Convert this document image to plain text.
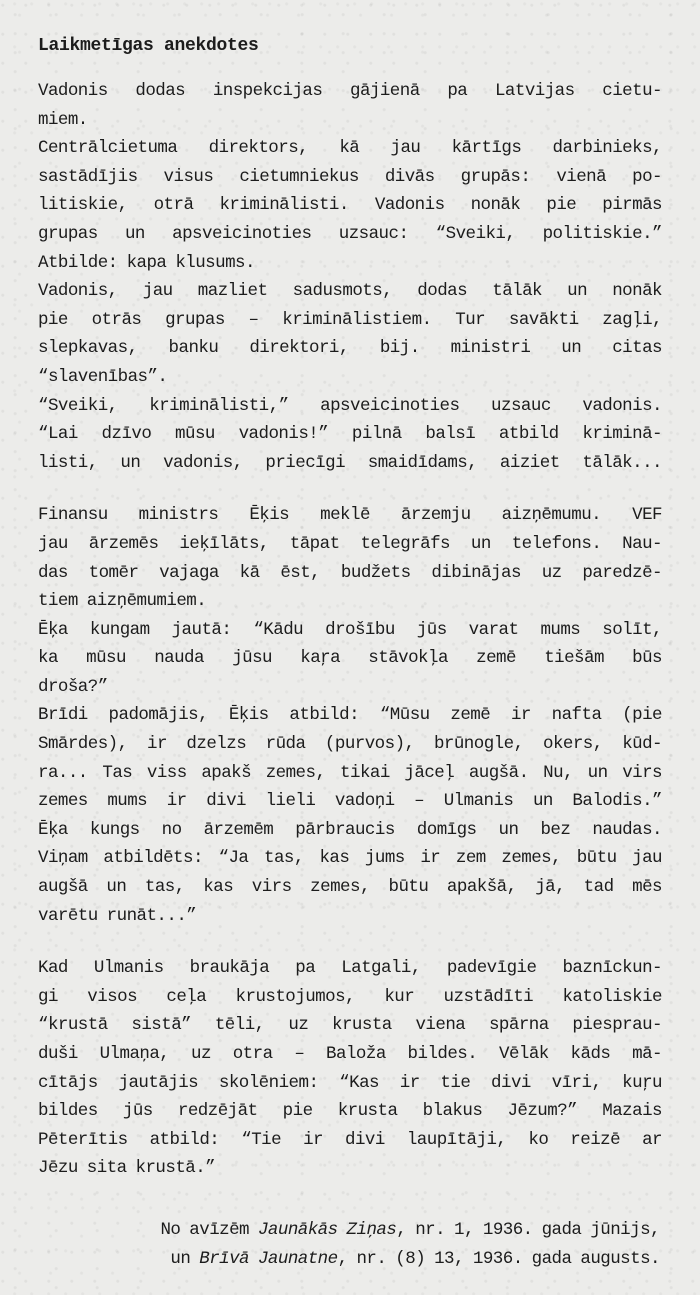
Laikmetīgas anekdotes
Vadonis dodas inspekcijas gājienā pa Latvijas cietu-
miem.
Centrālcietuma direktors, kā jau kārtīgs darbinieks,
sastādījis visus cietumniekus divās grupās: vienā po-
litiskie, otrā kriminālisti. Vadonis nonāk pie pirmās
grupas un apsveicinoties uzsauc: “Sveiki, politiskie.”
Atbilde: kapa klusums.
Vadonis, jau mazliet sadusmots, dodas tālāk un nonāk
pie otrās grupas – kriminālistiem. Tur savākti zagļi,
slepkavas, banku direktori, bij. ministri un citas
“slavenības”.
“Sveiki, kriminālisti,” apsveicinoties uzsauc vadonis.
“Lai dzīvo mūsu vadonis!” pilnā balsī atbild kriminā-
listi, un vadonis, priecīgi smaidīdams, aiziet tālāk...
Finansu ministrs Ēķis meklē ārzemju aizņēmumu. VEF
jau ārzemēs ieķīlāts, tāpat telegrāfs un telefons. Nau-
das tomēr vajaga kā ēst, budžets dibinājas uz paredzē-
tiem aizņēmumiem.
Ēķa kungam jautā: “Kādu drošību jūs varat mums solīt,
ka mūsu nauda jūsu kaŗa stāvokļa zemē tiešām būs
droša?”
Brīdi padomājis, Ēķis atbild: “Mūsu zemē ir nafta (pie
Smārdes), ir dzelzs rūda (purvos), brūnogle, okers, kūd-
ra... Tas viss apakš zemes, tikai jāceļ augšā. Nu, un virs
zemes mums ir divi lieli vadoņi – Ulmanis un Balodis.”
Ēķa kungs no ārzemēm pārbraucis domīgs un bez naudas.
Viņam atbildēts: “Ja tas, kas jums ir zem zemes, būtu jau
augšā un tas, kas virs zemes, būtu apakšā, jā, tad mēs
varētu runāt...”
Kad Ulmanis braukāja pa Latgali, padevīgie baznīckun-
gi visos ceļa krustojumos, kur uzstādīti katoliskie
“krustā sistā” tēli, uz krusta viena spārna piesprau-
duši Ulmaņa, uz otra – Baloža bildes. Vēlāk kāds mā-
cītājs jautājis skolēniem: “Kas ir tie divi vīri, kuŗu
bildes jūs redzējāt pie krusta blakus Jēzum?” Mazais
Pēterītis atbild: “Tie ir divi laupītāji, ko reizē ar
Jēzu sita krustā.”
No avīzēm Jaunākās Ziņas, nr. 1, 1936. gada jūnijs,
un Brīvā Jaunatne, nr. (8) 13, 1936. gada augusts.
